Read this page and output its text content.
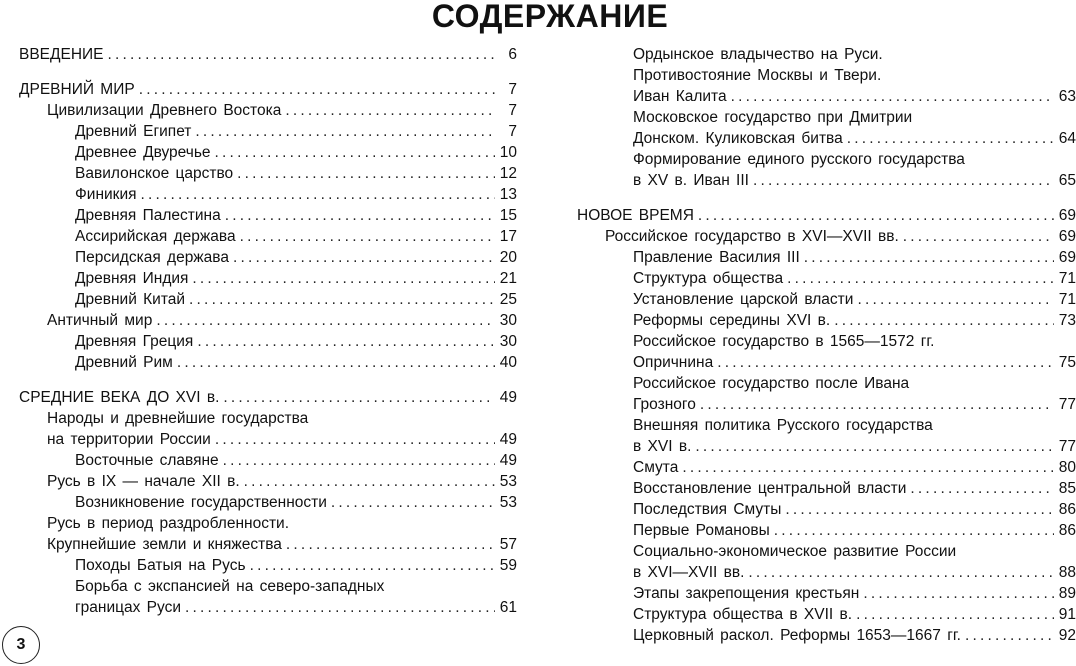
СОДЕРЖАНИЕ
ВВЕДЕНИЕ .....	6
ДРЕВНИЙ МИР .....	7
Цивилизации Древнего Востока .....	7
Древний Египет .....	7
Древнее Двуречье .....	10
Вавилонское царство .....	12
Финикия .....	13
Древняя Палестина .....	15
Ассирийская держава .....	17
Персидская держава .....	20
Древняя Индия .....	21
Древний Китай .....	25
Античный мир .....	30
Древняя Греция .....	30
Древний Рим .....	40
СРЕДНИЕ ВЕКА ДО XVI в. .....	49
Народы и древнейшие государства
на территории России .....	49
Восточные славяне .....	49
Русь в IX — начале XII в. .....	53
Возникновение государственности .....	53
Русь в период раздробленности.
Крупнейшие земли и княжества .....	57
Походы Батыя на Русь .....	59
Борьба с экспансией на северо-западных
границах Руси .....	61
Ордынское владычество на Руси.
Противостояние Москвы и Твери.
Иван Калита .....	63
Московское государство при Дмитрии
Донском. Куликовская битва .....	64
Формирование единого русского государства
в XV в. Иван III .....	65
НОВОЕ ВРЕМЯ .....	69
Российское государство в XVI—XVII вв. .....	69
Правление Василия III .....	69
Структура общества .....	71
Установление царской власти .....	71
Реформы середины XVI в. .....	73
Российское государство в 1565—1572 гг.
Опричнина .....	75
Российское государство после Ивана
Грозного .....	77
Внешняя политика Русского государства
в XVI в. .....	77
Смута .....	80
Восстановление центральной власти .....	85
Последствия Смуты .....	86
Первые Романовы .....	86
Социально-экономическое развитие России
в XVI—XVII вв. .....	88
Этапы закрепощения крестьян .....	89
Структура общества в XVII в. .....	91
Церковный раскол. Реформы 1653—1667 гг. .....	92
3
